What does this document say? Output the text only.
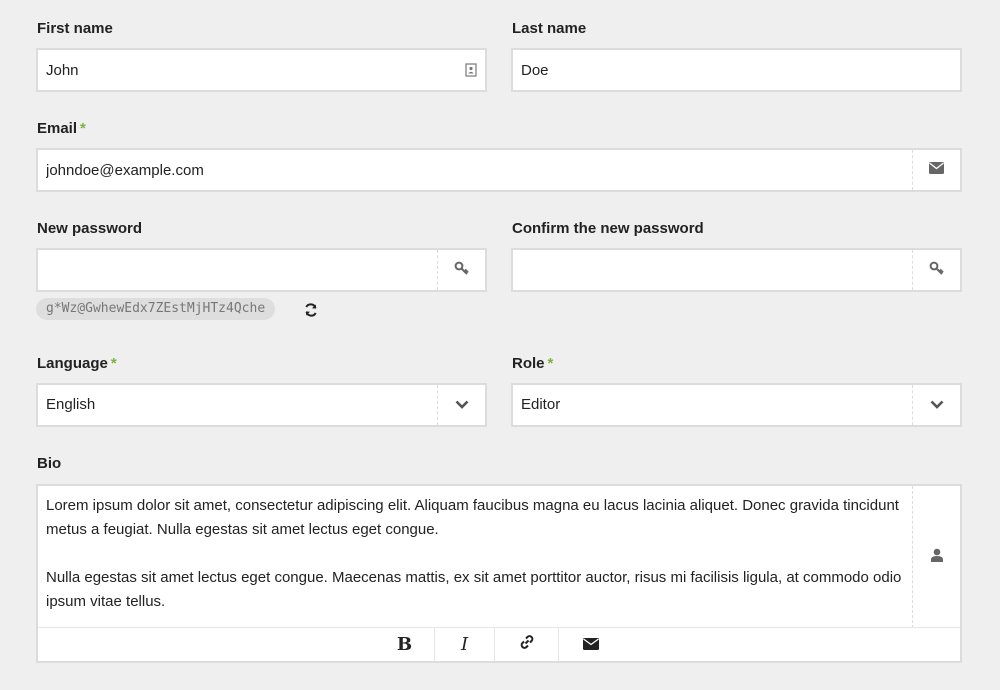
First name
John	Last name
Doe
Email *
johndoe@example.com
New password
g*Wz@GwhewEdx7ZEstMjHTz4Qche
Confirm the new password
Language *
English
Role *
Editor
Bio

Lorem ipsum dolor sit amet, consectetur adipiscing elit. Aliquam faucibus magna eu lacus lacinia aliquet. Donec gravida tincidunt metus a feugiat. Nulla egestas sit amet lectus eget congue.

Nulla egestas sit amet lectus eget congue. Maecenas mattis, ex sit amet porttitor auctor, risus mi facilisis ligula, at commodo odio ipsum vitae tellus.

B	I
